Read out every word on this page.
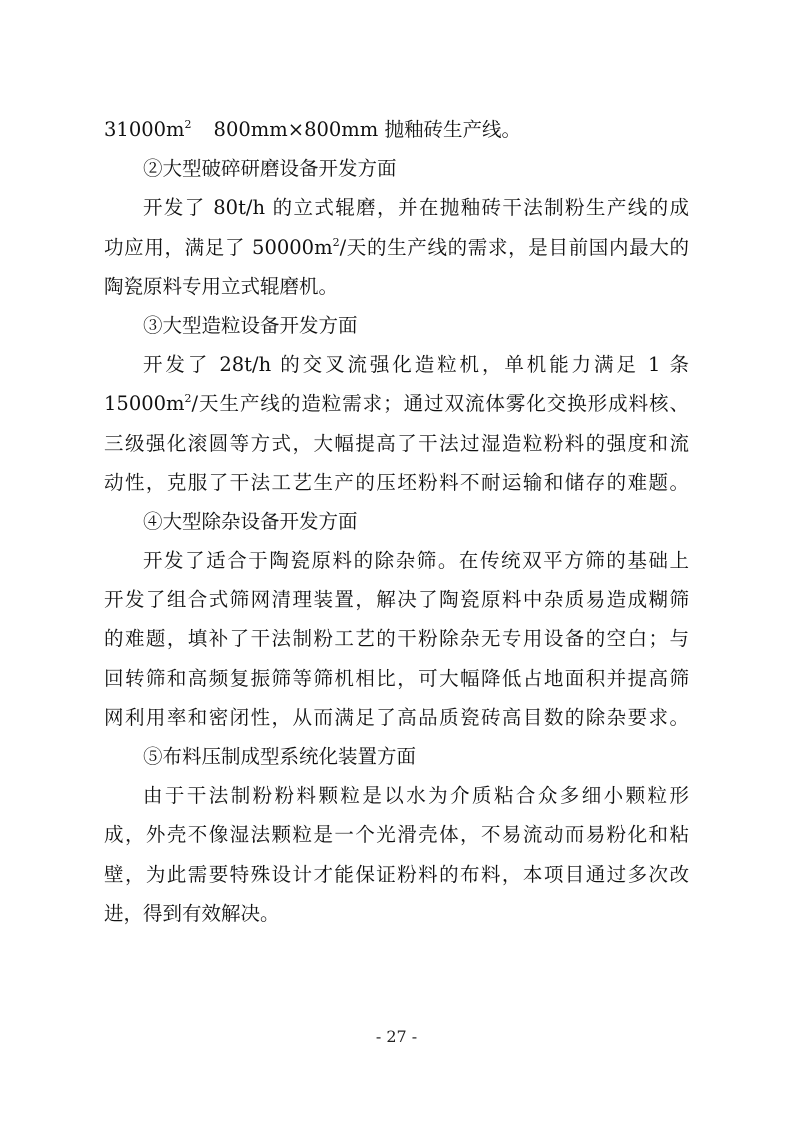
$31000m^2$ 800mm×800mm 抛釉砖生产线。
②大型破碎研磨设备开发方面
开发了 80t/h 的立式辊磨，并在抛釉砖干法制粉生产线的成
功应用，满足了 $50000m^2/$天的生产线的需求，是目前国内最大的
陶瓷原料专用立式辊磨机。
③大型造粒设备开发方面
开发了 28t/h 的交叉流强化造粒机，单机能力满足 1 条
$15000m^2/$天生产线的造粒需求；通过双流体雾化交换形成料核、
三级强化滚圆等方式，大幅提高了干法过湿造粒粉料的强度和流
动性，克服了干法工艺生产的压坯粉料不耐运输和储存的难题。
④大型除杂设备开发方面
开发了适合于陶瓷原料的除杂筛。在传统双平方筛的基础上
开发了组合式筛网清理装置，解决了陶瓷原料中杂质易造成糊筛
的难题，填补了干法制粉工艺的干粉除杂无专用设备的空白；与
回转筛和高频复振筛等筛机相比，可大幅降低占地面积并提高筛
网利用率和密闭性，从而满足了高品质瓷砖高目数的除杂要求。
⑤布料压制成型系统化装置方面
由于干法制粉粉料颗粒是以水为介质粘合众多细小颗粒形
成，外壳不像湿法颗粒是一个光滑壳体，不易流动而易粉化和粘
壁，为此需要特殊设计才能保证粉料的布料，本项目通过多次改
进，得到有效解决。
- 27 -
